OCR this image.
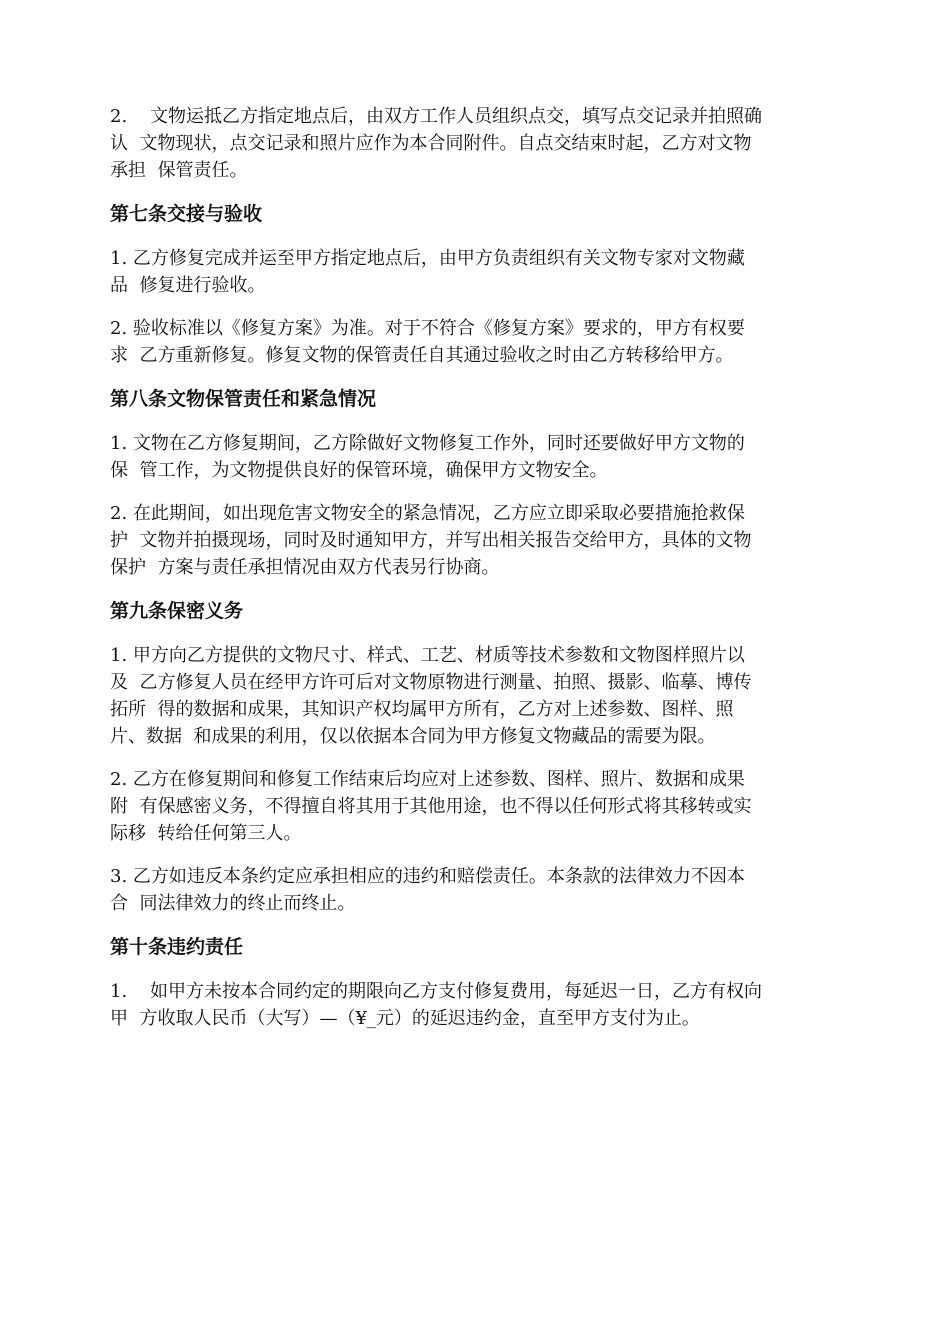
2.    文物运抵乙方指定地点后，由双方工作人员组织点交，填写点交记录并拍照确
认  文物现状，点交记录和照片应作为本合同附件。自点交结束时起，乙方对文物
承担  保管责任。
第七条交接与验收
1. 乙方修复完成并运至甲方指定地点后，由甲方负责组织有关文物专家对文物藏
品  修复进行验收。
2. 验收标准以《修复方案》为准。对于不符合《修复方案》要求的，甲方有权要
求  乙方重新修复。修复文物的保管责任自其通过验收之时由乙方转移给甲方。
第八条文物保管责任和紧急情况
1. 文物在乙方修复期间，乙方除做好文物修复工作外，同时还要做好甲方文物的
保  管工作，为文物提供良好的保管环境，确保甲方文物安全。
2. 在此期间，如出现危害文物安全的紧急情况，乙方应立即采取必要措施抢救保
护  文物并拍摄现场，同时及时通知甲方，并写出相关报告交给甲方，具体的文物
保护  方案与责任承担情况由双方代表另行协商。
第九条保密义务
1. 甲方向乙方提供的文物尺寸、样式、工艺、材质等技术参数和文物图样照片以
及  乙方修复人员在经甲方许可后对文物原物进行测量、拍照、摄影、临摹、博传
拓所  得的数据和成果，其知识产权均属甲方所有，乙方对上述参数、图样、照
片、数据  和成果的利用，仅以依据本合同为甲方修复文物藏品的需要为限。
2. 乙方在修复期间和修复工作结束后均应对上述参数、图样、照片、数据和成果
附  有保感密义务，不得擅自将其用于其他用途，也不得以任何形式将其移转或实
际移  转给任何第三人。
3. 乙方如违反本条约定应承担相应的违约和赔偿责任。本条款的法律效力不因本
合  同法律效力的终止而终止。
第十条违约责任
1.    如甲方未按本合同约定的期限向乙方支付修复费用，每延迟一日，乙方有权向
甲  方收取人民币（大写）—（¥_元）的延迟违约金，直至甲方支付为止。
